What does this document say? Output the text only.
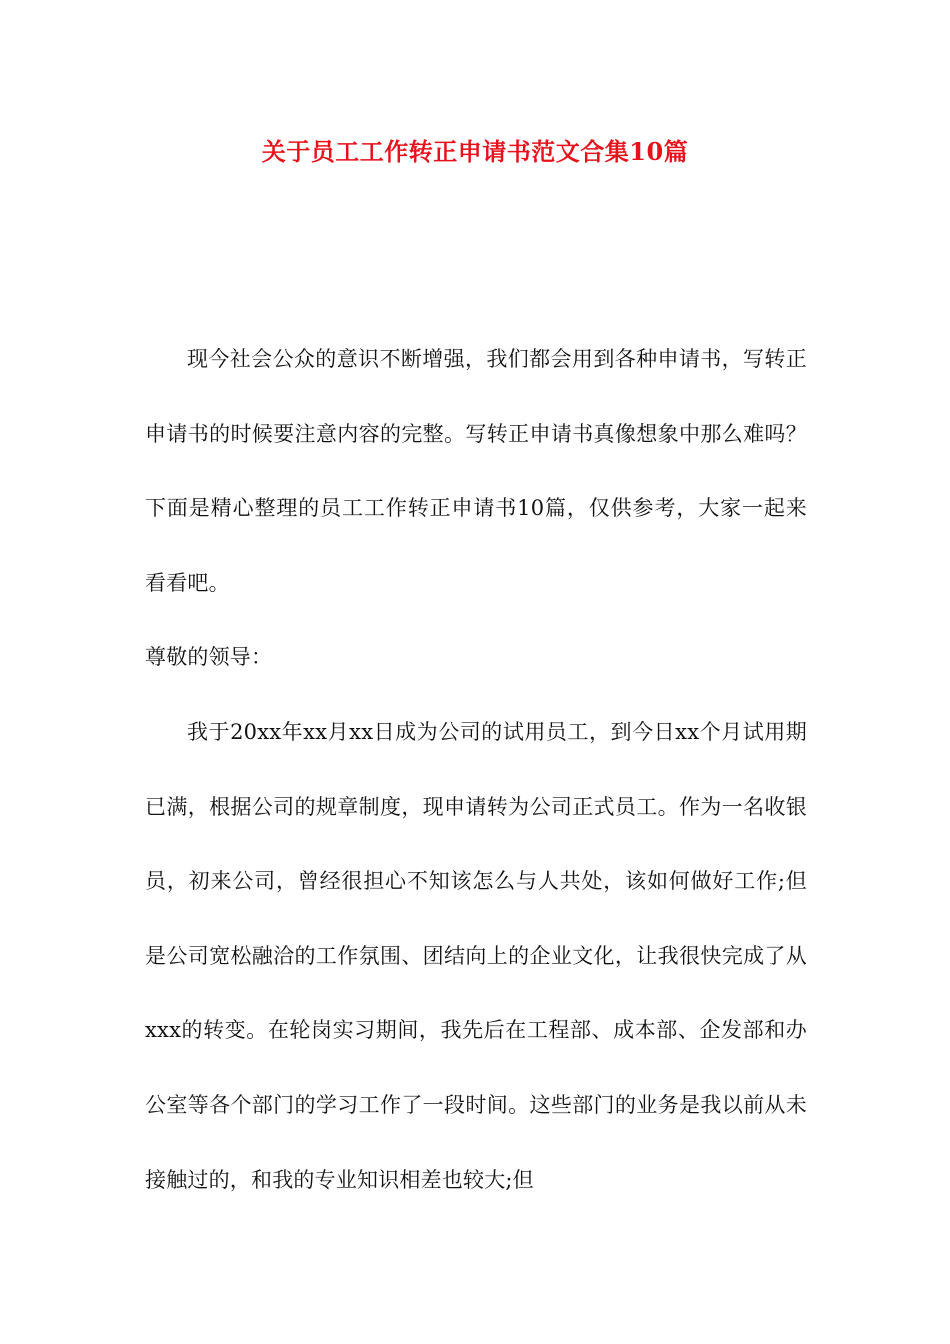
关于员工工作转正申请书范文合集10篇

现今社会公众的意识不断增强，我们都会用到各种申请书，写转正申请书的时候要注意内容的完整。写转正申请书真像想象中那么难吗？下面是精心整理的员工工作转正申请书10篇，仅供参考，大家一起来看看吧。

尊敬的领导：

我于20xx年xx月xx日成为公司的试用员工，到今日xx个月试用期已满，根据公司的规章制度，现申请转为公司正式员工。作为一名收银员，初来公司，曾经很担心不知该怎么与人共处，该如何做好工作;但是公司宽松融洽的工作氛围、团结向上的企业文化，让我很快完成了从xxx的转变。在轮岗实习期间，我先后在工程部、成本部、企发部和办公室等各个部门的学习工作了一段时间。这些部门的业务是我以前从未接触过的，和我的专业知识相差也较大;但
